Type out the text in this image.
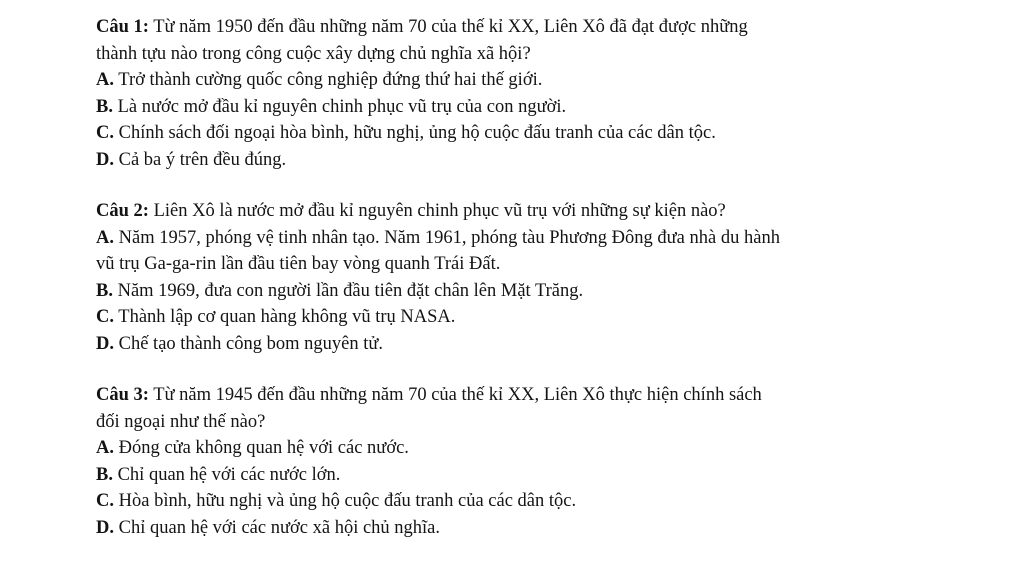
Câu 1: Từ năm 1950 đến đầu những năm 70 của thế kỉ XX, Liên Xô đã đạt được những

thành tựu nào trong công cuộc xây dựng chủ nghĩa xã hội?

A. Trở thành cường quốc công nghiệp đứng thứ hai thế giới.

B. Là nước mở đầu kỉ nguyên chinh phục vũ trụ của con người.

C. Chính sách đối ngoại hòa bình, hữu nghị, ủng hộ cuộc đấu tranh của các dân tộc.

D. Cả ba ý trên đều đúng.

Câu 2: Liên Xô là nước mở đầu kỉ nguyên chinh phục vũ trụ với những sự kiện nào?

A. Năm 1957, phóng vệ tinh nhân tạo. Năm 1961, phóng tàu Phương Đông đưa nhà du hành

vũ trụ Ga-ga-rin lần đầu tiên bay vòng quanh Trái Đất.

B. Năm 1969, đưa con người lần đầu tiên đặt chân lên Mặt Trăng.

C. Thành lập cơ quan hàng không vũ trụ NASA.

D. Chế tạo thành công bom nguyên tử.

Câu 3: Từ năm 1945 đến đầu những năm 70 của thế kỉ XX, Liên Xô thực hiện chính sách

đối ngoại như thế nào?

A. Đóng cửa không quan hệ với các nước.

B. Chỉ quan hệ với các nước lớn.

C. Hòa bình, hữu nghị và ủng hộ cuộc đấu tranh của các dân tộc.

D. Chỉ quan hệ với các nước xã hội chủ nghĩa.
